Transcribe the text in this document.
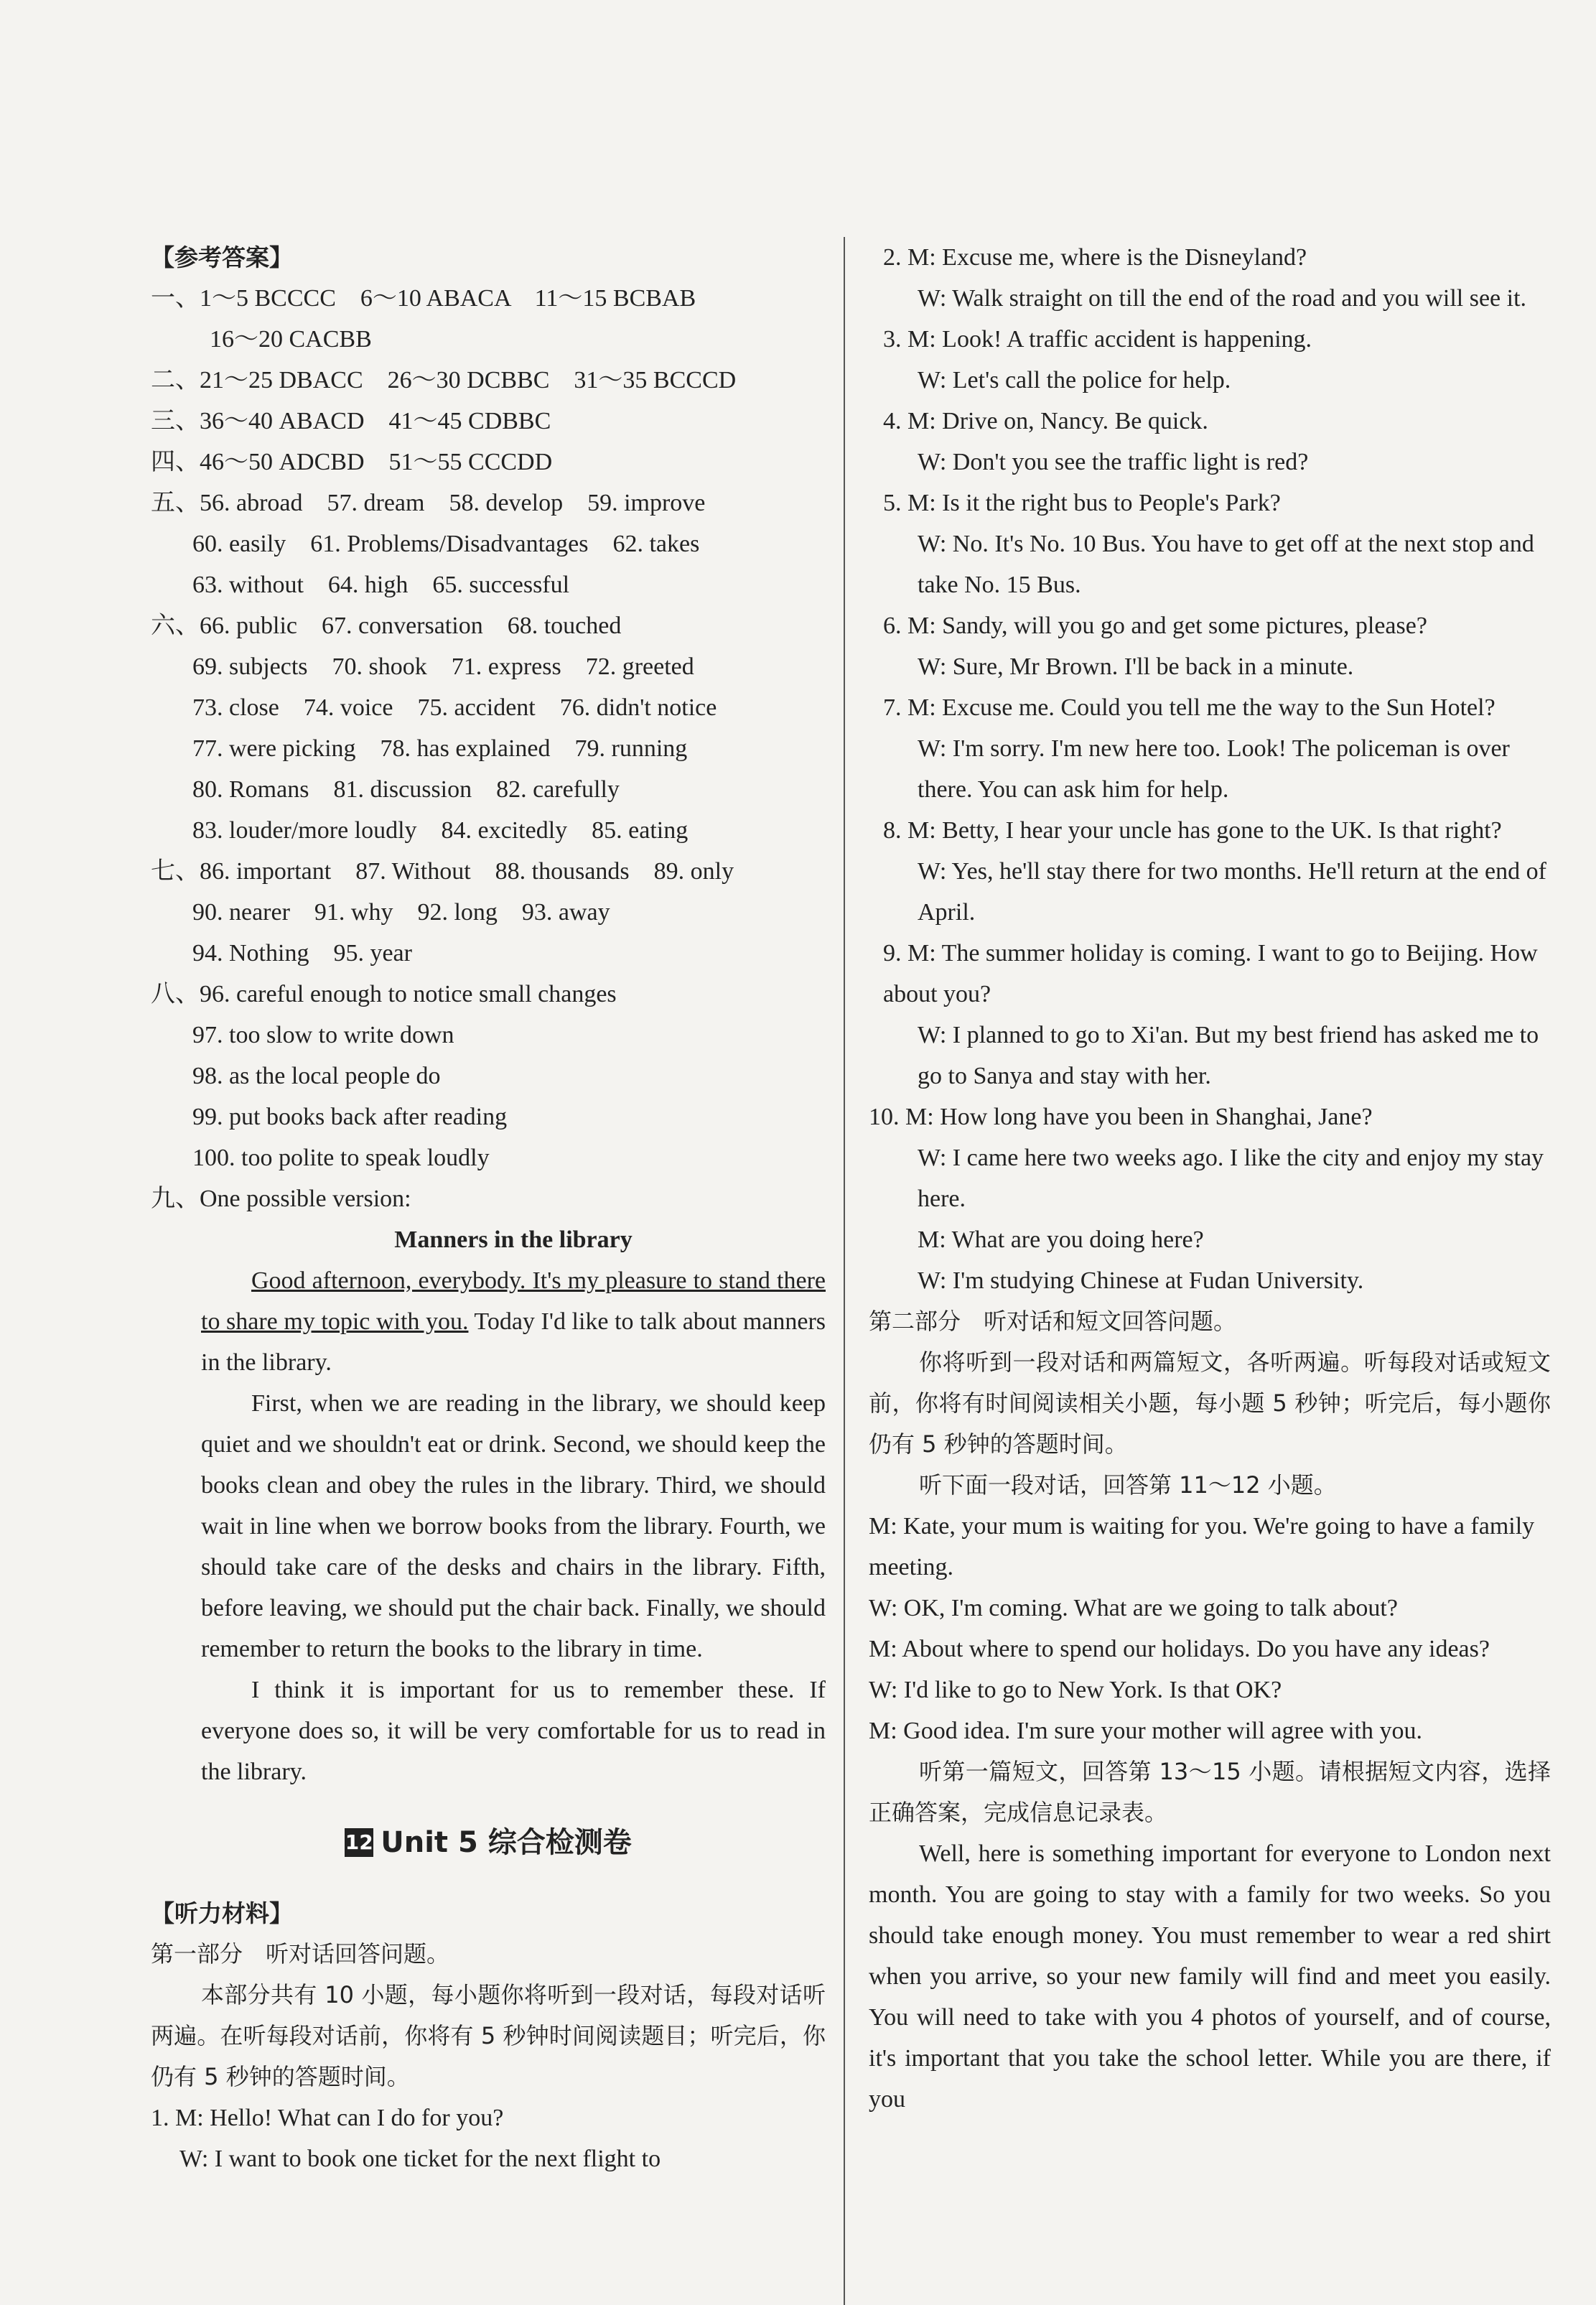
【参考答案】
一、1～5 BCCCC　6～10 ABACA　11～15 BCBAB
16～20 CACBB
二、21～25 DBACC　26～30 DCBBC　31～35 BCCCD
三、36～40 ABACD　41～45 CDBBC
四、46～50 ADCBD　51～55 CCCDD
五、56. abroad　57. dream　58. develop　59. improve
60. easily　61. Problems/Disadvantages　62. takes
63. without　64. high　65. successful
六、66. public　67. conversation　68. touched
69. subjects　70. shook　71. express　72. greeted
73. close　74. voice　75. accident　76. didn't notice
77. were picking　78. has explained　79. running
80. Romans　81. discussion　82. carefully
83. louder/more loudly　84. excitedly　85. eating
七、86. important　87. Without　88. thousands　89. only
90. nearer　91. why　92. long　93. away
94. Nothing　95. year
八、96. careful enough to notice small changes
97. too slow to write down
98. as the local people do
99. put books back after reading
100. too polite to speak loudly
九、One possible version:

Manners in the library

Good afternoon, everybody. It's my pleasure to stand there to share my topic with you. Today I'd like to talk about manners in the library.

First, when we are reading in the library, we should keep quiet and we shouldn't eat or drink. Second, we should keep the books clean and obey the rules in the library. Third, we should wait in line when we borrow books from the library. Fourth, we should take care of the desks and chairs in the library. Fifth, before leaving, we should put the chair back. Finally, we should remember to return the books to the library in time.

I think it is important for us to remember these. If everyone does so, it will be very comfortable for us to read in the library.

12 Unit 5 综合检测卷
【听力材料】
第一部分　听对话回答问题。
本部分共有 10 小题，每小题你将听到一段对话，每段对话听两遍。在听每段对话前，你将有 5 秒钟时间阅读题目；听完后，你仍有 5 秒钟的答题时间。
1. M: Hello! What can I do for you?
W: I want to book one ticket for the next flight to
2. M: Excuse me, where is the Disneyland?
W: Walk straight on till the end of the road and you will see it.
3. M: Look! A traffic accident is happening.
W: Let's call the police for help.
4. M: Drive on, Nancy. Be quick.
W: Don't you see the traffic light is red?
5. M: Is it the right bus to People's Park?
W: No. It's No. 10 Bus. You have to get off at the next stop and take No. 15 Bus.
6. M: Sandy, will you go and get some pictures, please?
W: Sure, Mr Brown. I'll be back in a minute.
7. M: Excuse me. Could you tell me the way to the Sun Hotel?
W: I'm sorry. I'm new here too. Look! The policeman is over there. You can ask him for help.
8. M: Betty, I hear your uncle has gone to the UK. Is that right?
W: Yes, he'll stay there for two months. He'll return at the end of April.
9. M: The summer holiday is coming. I want to go to Beijing. How about you?
W: I planned to go to Xi'an. But my best friend has asked me to go to Sanya and stay with her.
10. M: How long have you been in Shanghai, Jane?
W: I came here two weeks ago. I like the city and enjoy my stay here.
M: What are you doing here?
W: I'm studying Chinese at Fudan University.
第二部分　听对话和短文回答问题。
你将听到一段对话和两篇短文，各听两遍。听每段对话或短文前，你将有时间阅读相关小题，每小题 5 秒钟；听完后，每小题你仍有 5 秒钟的答题时间。
听下面一段对话，回答第 11～12 小题。
M: Kate, your mum is waiting for you. We're going to have a family meeting.
W: OK, I'm coming. What are we going to talk about?
M: About where to spend our holidays. Do you have any ideas?
W: I'd like to go to New York. Is that OK?
M: Good idea. I'm sure your mother will agree with you.
听第一篇短文，回答第 13～15 小题。请根据短文内容，选择正确答案，完成信息记录表。
Well, here is something important for everyone to London next month. You are going to stay with a family for two weeks. So you should take enough money. You must remember to wear a red shirt when you arrive, so your new family will find and meet you easily. You will need to take with you 4 photos of yourself, and of course, it's important that you take the school letter. While you are there, if you
